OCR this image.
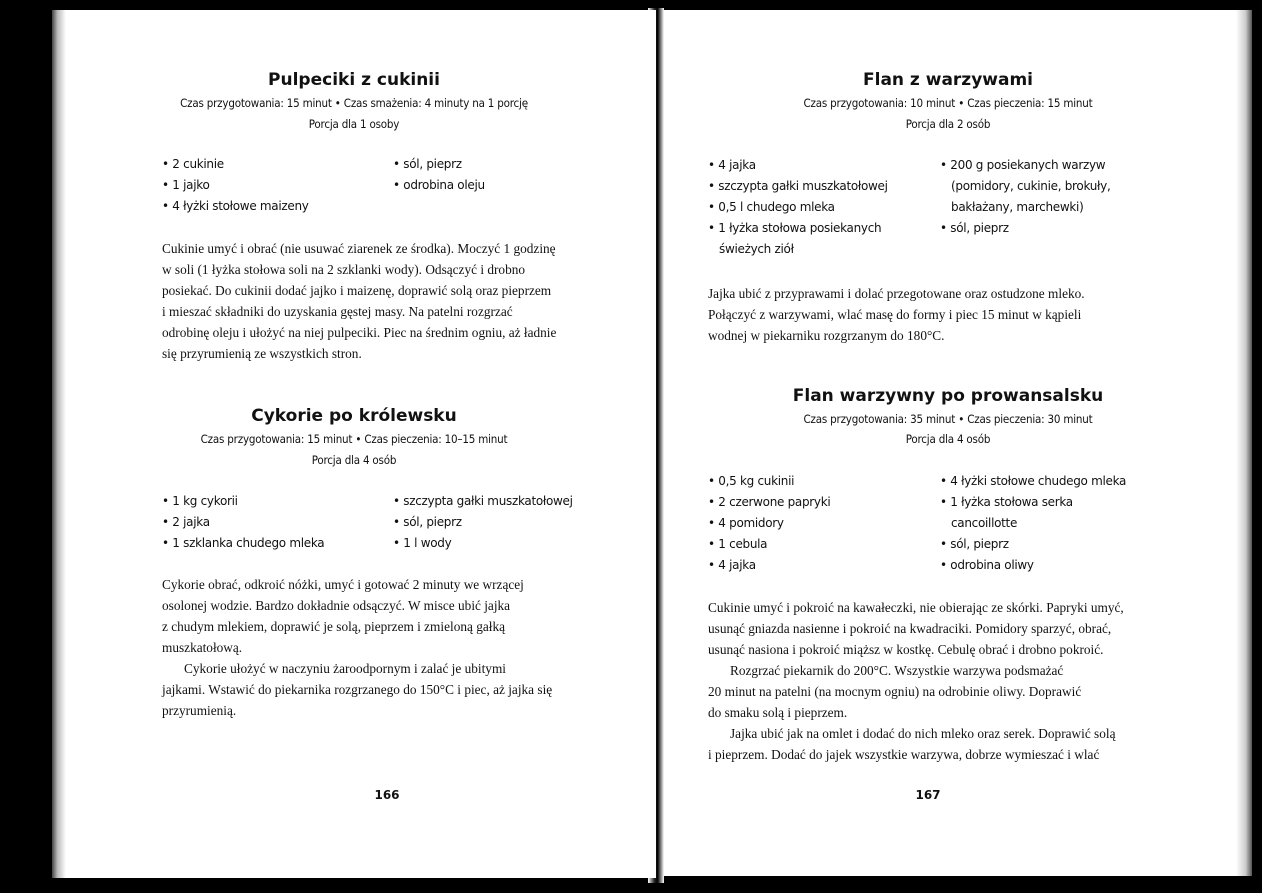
Pulpeciki z cukinii
Czas przygotowania: 15 minut • Czas smażenia: 4 minuty na 1 porcję
Porcja dla 1 osoby
• 2 cukinie
• 1 jajko
• 4 łyżki stołowe maizeny
• sól, pieprz
• odrobina oleju

Cukinie umyć i obrać (nie usuwać ziarenek ze środka). Moczyć 1 godzinę

w soli (1 łyżka stołowa soli na 2 szklanki wody). Odsączyć i drobno

posiekać. Do cukinii dodać jajko i maizenę, doprawić solą oraz pieprzem

i mieszać składniki do uzyskania gęstej masy. Na patelni rozgrzać

odrobinę oleju i ułożyć na niej pulpeciki. Piec na średnim ogniu, aż ładnie

się przyrumienią ze wszystkich stron.

Cykorie po królewsku
Czas przygotowania: 15 minut • Czas pieczenia: 10–15 minut
Porcja dla 4 osób
• 1 kg cykorii
• 2 jajka
• 1 szklanka chudego mleka
• szczypta gałki muszkatołowej
• sól, pieprz
• 1 l wody

Cykorie obrać, odkroić nóżki, umyć i gotować 2 minuty we wrzącej

osolonej wodzie. Bardzo dokładnie odsączyć. W misce ubić jajka

z chudym mlekiem, doprawić je solą, pieprzem i zmieloną gałką

muszkatołową.

Cykorie ułożyć w naczyniu żaroodpornym i zalać je ubitymi

jajkami. Wstawić do piekarnika rozgrzanego do 150°C i piec, aż jajka się

przyrumienią.

166
Flan z warzywami
Czas przygotowania: 10 minut • Czas pieczenia: 15 minut
Porcja dla 2 osób
• 4 jajka
• szczypta gałki muszkatołowej
• 0,5 l chudego mleka
• 1 łyżka stołowa posiekanych
świeżych ziół
• 200 g posiekanych warzyw
(pomidory, cukinie, brokuły,
bakłażany, marchewki)
• sól, pieprz

Jajka ubić z przyprawami i dolać przegotowane oraz ostudzone mleko.

Połączyć z warzywami, wlać masę do formy i piec 15 minut w kąpieli

wodnej w piekarniku rozgrzanym do 180°C.

Flan warzywny po prowansalsku
Czas przygotowania: 35 minut • Czas pieczenia: 30 minut
Porcja dla 4 osób
• 0,5 kg cukinii
• 2 czerwone papryki
• 4 pomidory
• 1 cebula
• 4 jajka
• 4 łyżki stołowe chudego mleka
• 1 łyżka stołowa serka
cancoillotte
• sól, pieprz
• odrobina oliwy

Cukinie umyć i pokroić na kawałeczki, nie obierając ze skórki. Papryki umyć,

usunąć gniazda nasienne i pokroić na kwadraciki. Pomidory sparzyć, obrać,

usunąć nasiona i pokroić miąższ w kostkę. Cebulę obrać i drobno pokroić.

Rozgrzać piekarnik do 200°C. Wszystkie warzywa podsmażać

20 minut na patelni (na mocnym ogniu) na odrobinie oliwy. Doprawić

do smaku solą i pieprzem.

Jajka ubić jak na omlet i dodać do nich mleko oraz serek. Doprawić solą

i pieprzem. Dodać do jajek wszystkie warzywa, dobrze wymieszać i wlać

167
